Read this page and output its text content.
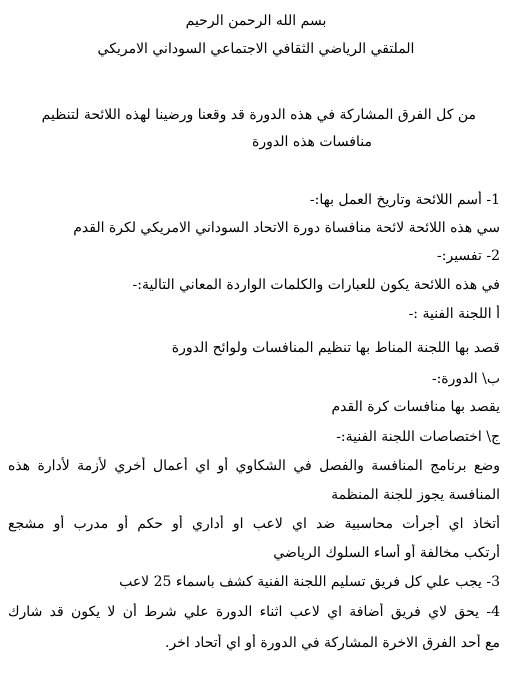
بسم الله الرحمن الرحيم
الملتقي الرياضي الثقافي الاجتماعي السوداني الامريكي
من كل الفرق المشاركة في هذه الدورة قد وقعنا ورضينا لهذه اللائحة لتنظيم
منافسات هذه الدورة
1- أسم اللائحة وتاريخ العمل بها:-
سي هذه اللائحة لائحة منافساة دورة الاتحاد السوداني الامريكي لكرة القدم
2- تفسير:-
في هذه اللائحة يكون للعبارات والكلمات الواردة المعاني التالية:-
أ اللجنة الفنية :-
قصد بها اللجنة المناط بها تنظيم المنافسات ولوائح الدورة
ب\ الدورة:-
يقصد بها منافسات كرة القدم
ج\ اختصاصات اللجنة الفنية:-
وضع برنامج المنافسة والفصل في الشكاوي أو اي أعمال أخري لأزمة لأدارة هذه
المنافسة يجوز للجنة المنظمة
أتخاذ اي أجرأت محاسبية ضد اي لاعب او أداري أو حكم أو مدرب أو مشجع
أرتكب مخالفة أو أساء السلوك الرياضي
3- يجب علي كل فريق تسليم اللجنة الفنية كشف باسماء 25 لاعب
4- يحق لاي فريق أضافة اي لاعب اثناء الدورة علي شرط أن لا يكون قد شارك
مع أحد الفرق الاخرة المشاركة في الدورة أو اي أتحاد اخر.
